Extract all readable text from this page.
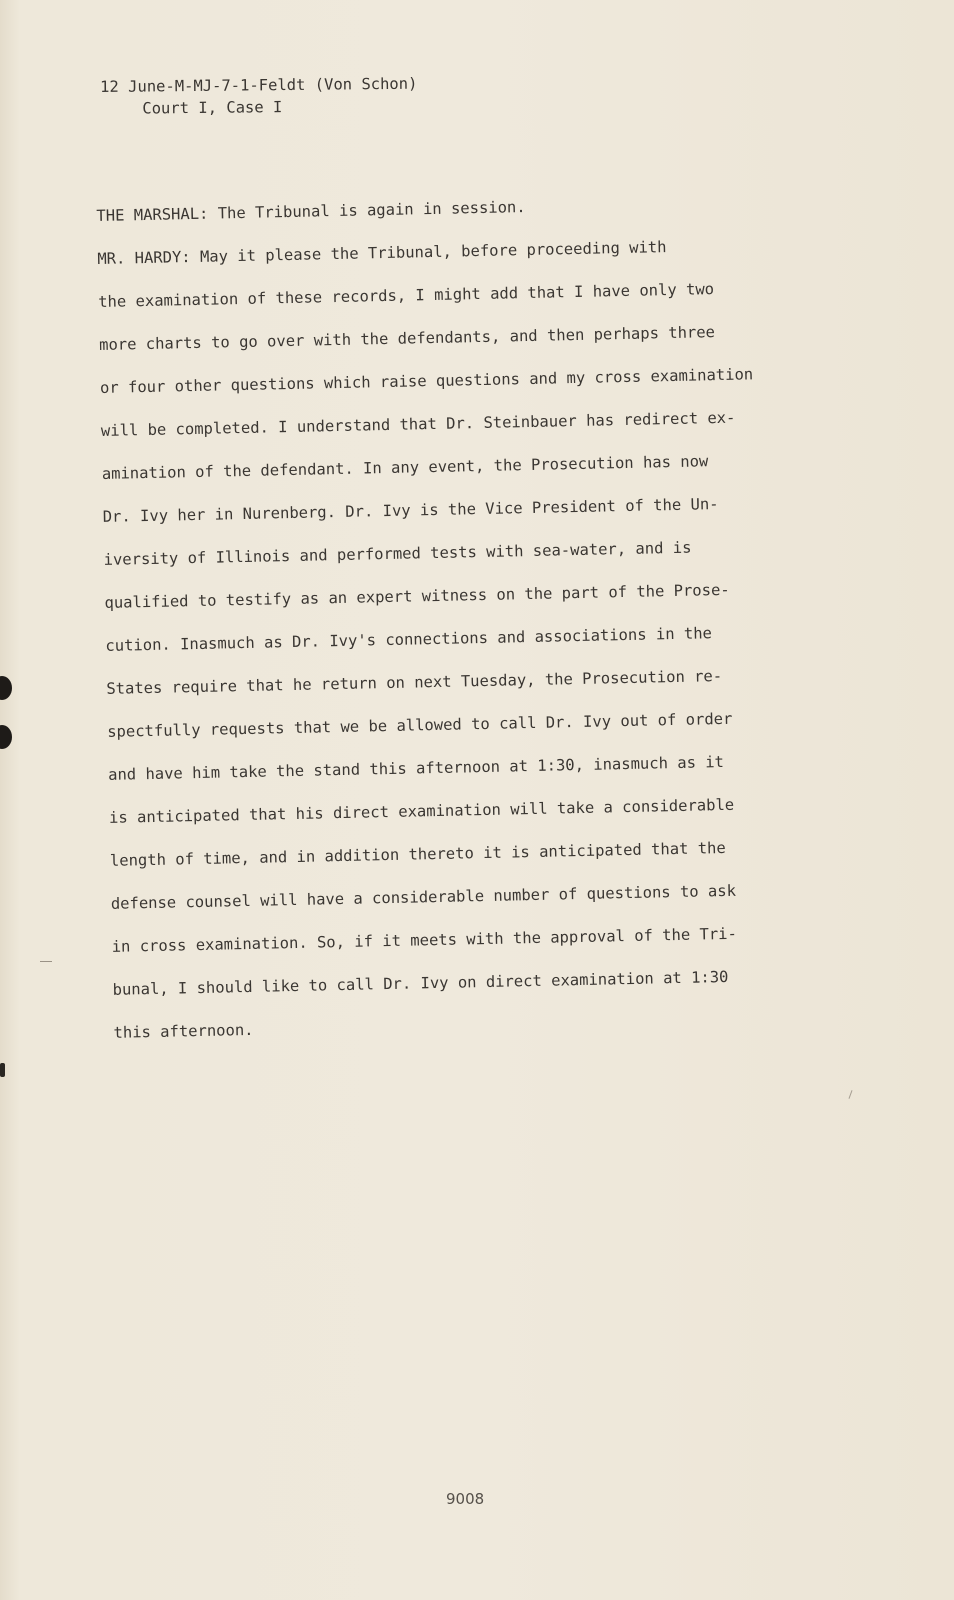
12 June-M-MJ-7-1-Feldt (Von Schon)
Court I, Case I
THE MARSHAL: The Tribunal is again in session.
MR. HARDY: May it please the Tribunal, before proceeding with
the examination of these records, I might add that I have only two
more charts to go over with the defendants, and then perhaps three
or four other questions which raise questions and my cross examination
will be completed. I understand that Dr. Steinbauer has redirect ex-
amination of the defendant. In any event, the Prosecution has now
Dr. Ivy her in Nurenberg. Dr. Ivy is the Vice President of the Un-
iversity of Illinois and performed tests with sea-water, and is
qualified to testify as an expert witness on the part of the Prose-
cution. Inasmuch as Dr. Ivy's connections and associations in the
States require that he return on next Tuesday, the Prosecution re-
spectfully requests that we be allowed to call Dr. Ivy out of order
and have him take the stand this afternoon at 1:30, inasmuch as it
is anticipated that his direct examination will take a considerable
length of time, and in addition thereto it is anticipated that the
defense counsel will have a considerable number of questions to ask
in cross examination. So, if it meets with the approval of the Tri-
bunal, I should like to call Dr. Ivy on direct examination at 1:30
this afternoon.
9008
